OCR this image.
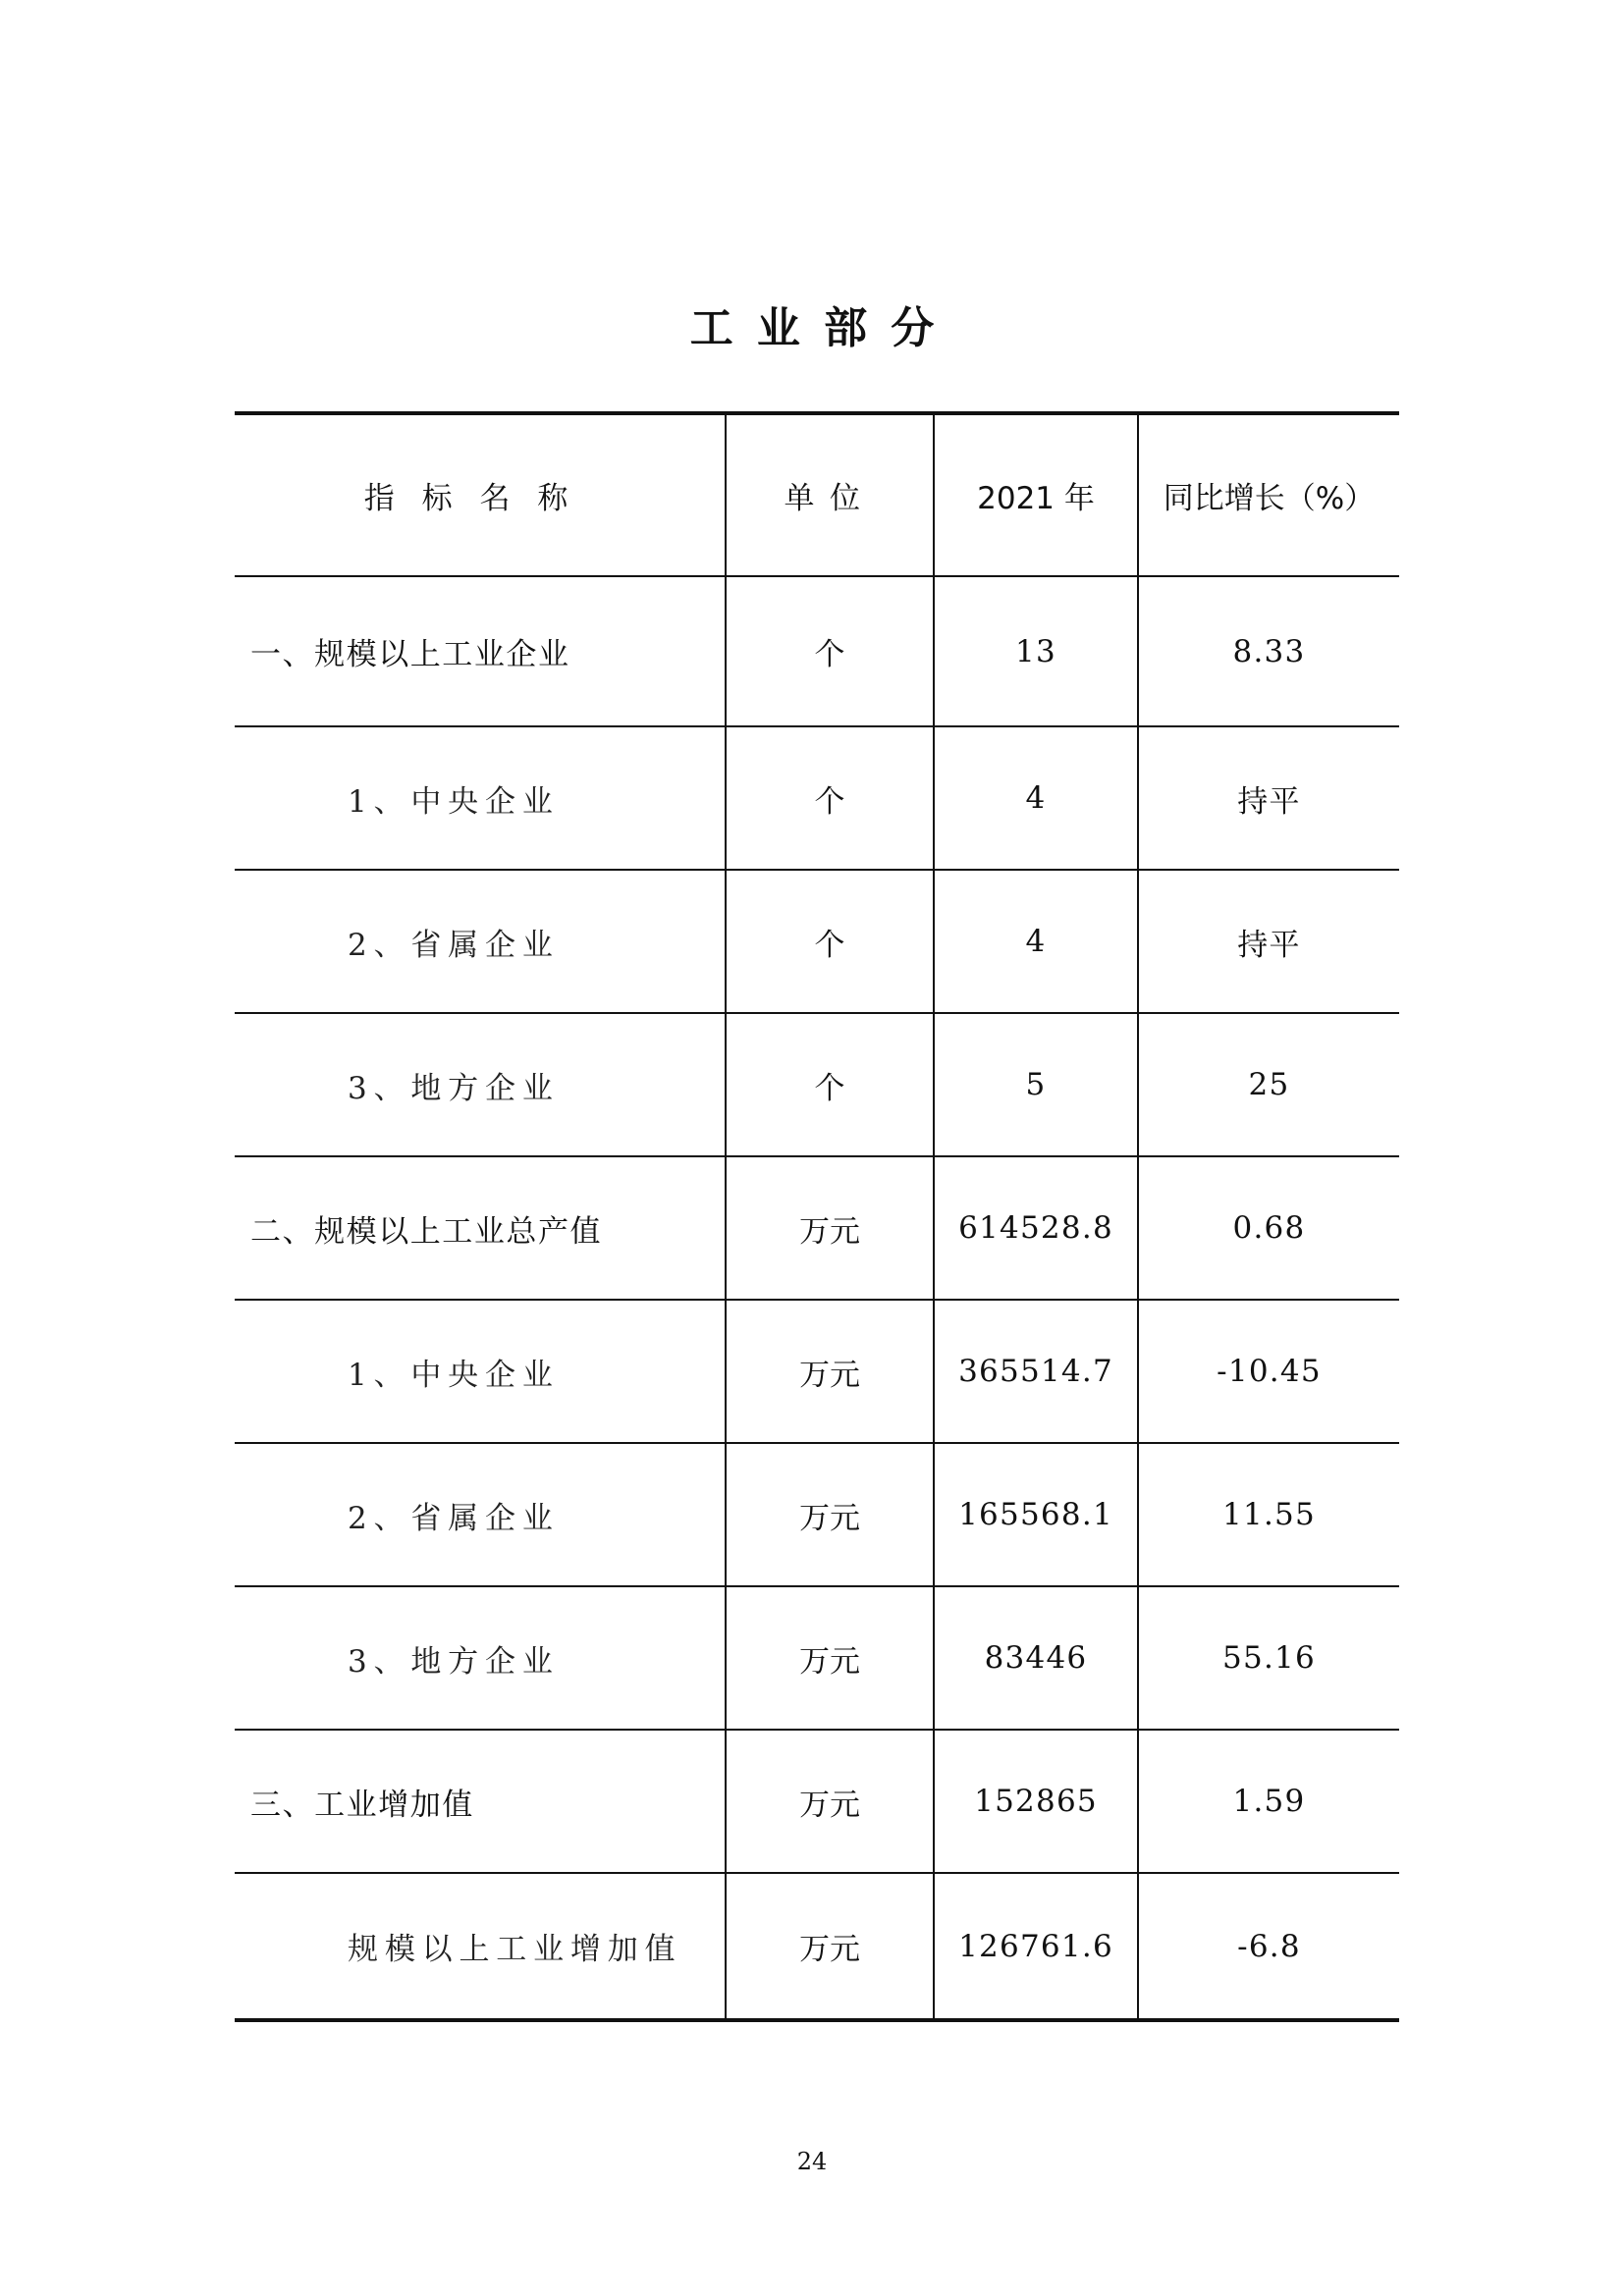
工业部分
指标名称	单位	2021 年	同比增长（%）
一、规模以上工业企业	个	13	8.33
1、中央企业	个	4	持平
2、省属企业	个	4	持平
3、地方企业	个	5	25
二、规模以上工业总产值	万元	614528.8	0.68
1、中央企业	万元	365514.7	-10.45
2、省属企业	万元	165568.1	11.55
3、地方企业	万元	83446	55.16
三、工业增加值	万元	152865	1.59
规模以上工业增加值	万元	126761.6	-6.8
24
